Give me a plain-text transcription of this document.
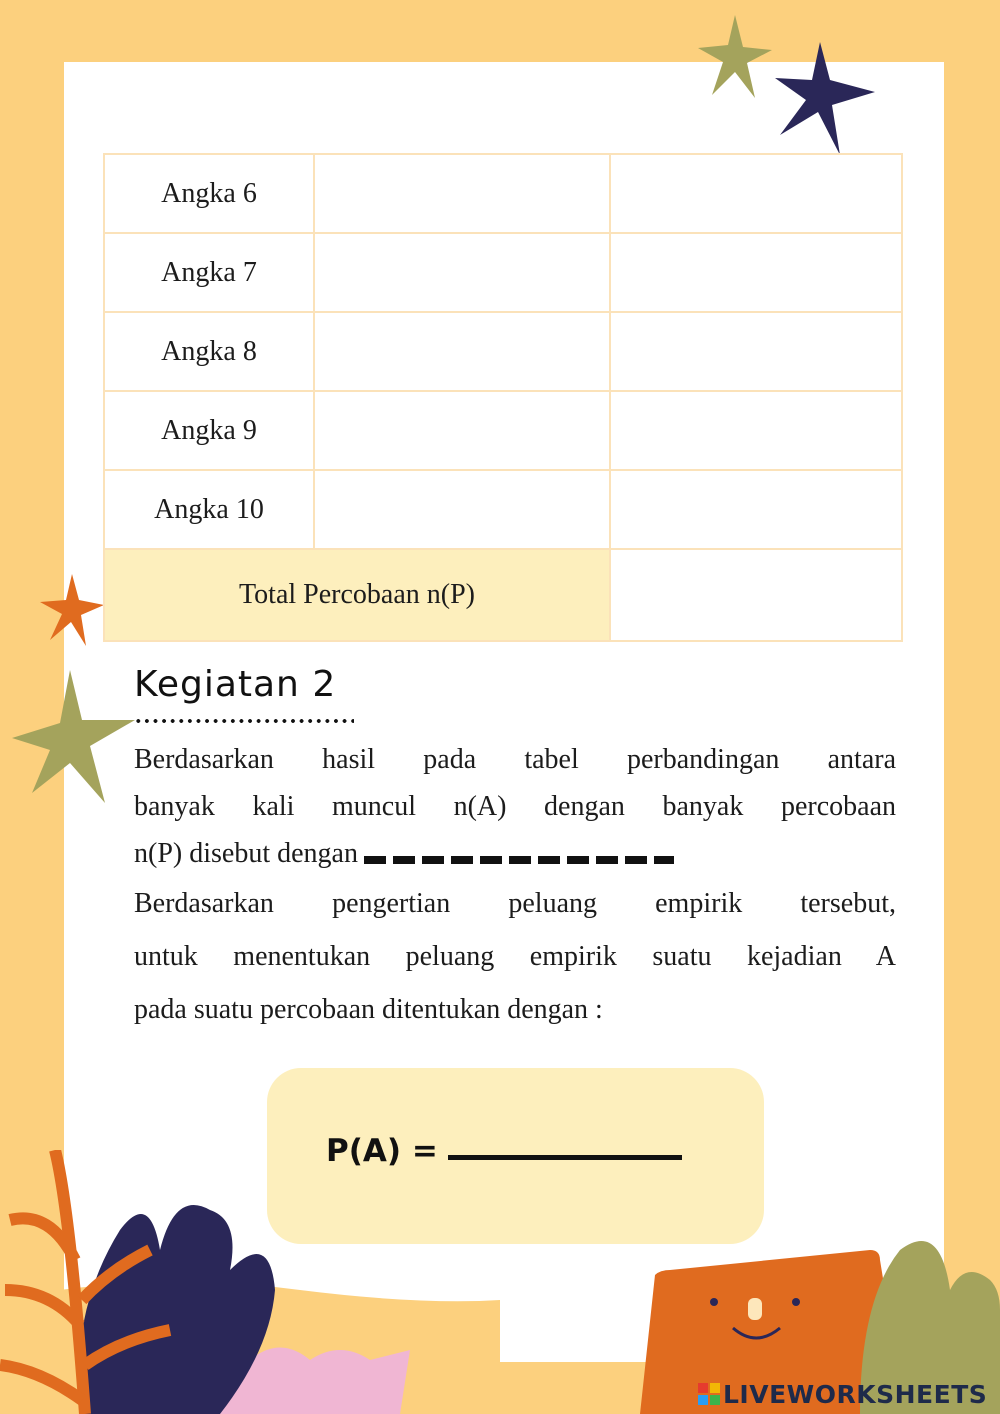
Angka 6		
Angka 7		
Angka 8		
Angka 9		
Angka 10		
Total Percobaan n(P)		
Kegiatan 2
Berdasarkan hasil pada tabel perbandingan antara
banyak kali muncul n(A) dengan banyak percobaan
n(P) disebut dengan
Berdasarkan pengertian peluang empirik tersebut,
untuk menentukan peluang empirik suatu kejadian A
pada suatu percobaan ditentukan dengan :
P(A) =
LIVEWORKSHEETS
